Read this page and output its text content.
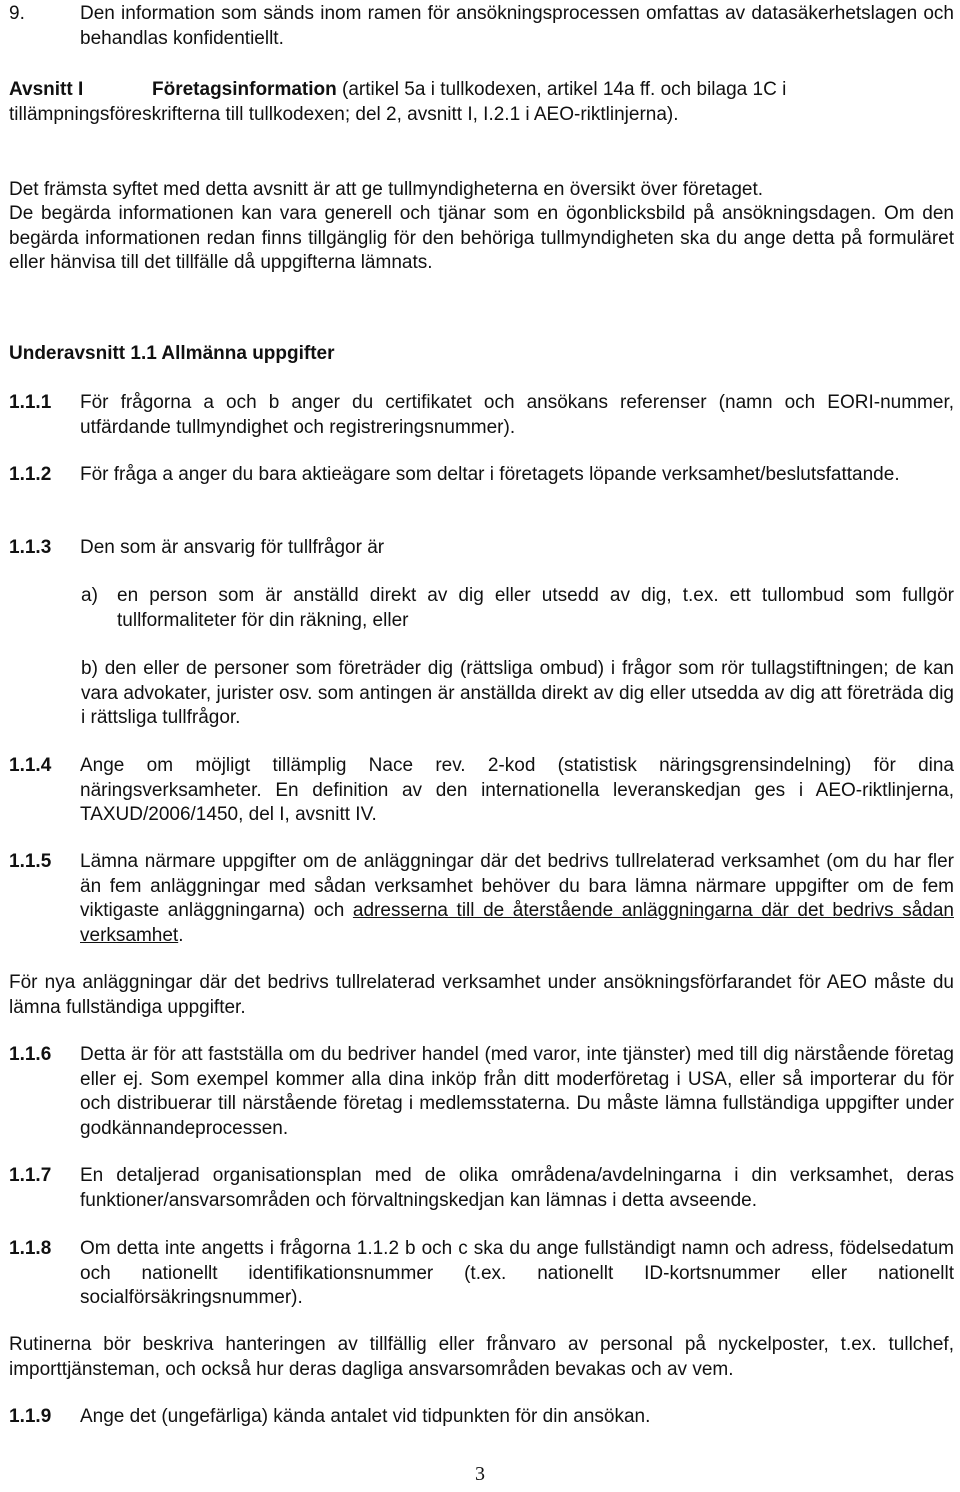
9.	Den information som sänds inom ramen för ansökningsprocessen omfattas av datasäkerhetslagen och behandlas konfidentiellt.
Avsnitt I	Företagsinformation (artikel 5a i tullkodexen, artikel 14a ff. och bilaga 1C i tillämpningsföreskrifterna till tullkodexen; del 2, avsnitt I, I.2.1 i AEO-riktlinjerna).
Det främsta syftet med detta avsnitt är att ge tullmyndigheterna en översikt över företaget.
De begärda informationen kan vara generell och tjänar som en ögonblicksbild på ansökningsdagen. Om den begärda informationen redan finns tillgänglig för den behöriga tullmyndigheten ska du ange detta på formuläret eller hänvisa till det tillfälle då uppgifterna lämnats.
Underavsnitt 1.1 Allmänna uppgifter
1.1.1 För frågorna a och b anger du certifikatet och ansökans referenser (namn och EORI-nummer, utfärdande tullmyndighet och registreringsnummer).
1.1.2 För fråga a anger du bara aktieägare som deltar i företagets löpande verksamhet/beslutsfattande.
1.1.3 Den som är ansvarig för tullfrågor är
a) en person som är anställd direkt av dig eller utsedd av dig, t.ex. ett tullombud som fullgör tullformaliteter för din räkning, eller
b) den eller de personer som företräder dig (rättsliga ombud) i frågor som rör tullagstiftningen; de kan vara advokater, jurister osv. som antingen är anställda direkt av dig eller utsedda av dig att företräda dig i rättsliga tullfrågor.
1.1.4 Ange om möjligt tillämplig Nace rev. 2-kod (statistisk näringsgrensindelning) för dina näringsverksamheter. En definition av den internationella leveranskedjan ges i AEO-riktlinjerna, TAXUD/2006/1450, del I, avsnitt IV.
1.1.5 Lämna närmare uppgifter om de anläggningar där det bedrivs tullrelaterad verksamhet (om du har fler än fem anläggningar med sådan verksamhet behöver du bara lämna närmare uppgifter om de fem viktigaste anläggningarna) och adresserna till de återstående anläggningarna där det bedrivs sådan verksamhet.
För nya anläggningar där det bedrivs tullrelaterad verksamhet under ansökningsförfarandet för AEO måste du lämna fullständiga uppgifter.
1.1.6 Detta är för att fastställa om du bedriver handel (med varor, inte tjänster) med till dig närstående företag eller ej. Som exempel kommer alla dina inköp från ditt moderföretag i USA, eller så importerar du för och distribuerar till närstående företag i medlemsstaterna. Du måste lämna fullständiga uppgifter under godkännandeprocessen.
1.1.7 En detaljerad organisationsplan med de olika områdena/avdelningarna i din verksamhet, deras funktioner/ansvarsområden och förvaltningskedjan kan lämnas i detta avseende.
1.1.8 Om detta inte angetts i frågorna 1.1.2 b och c ska du ange fullständigt namn och adress, födelsedatum och nationellt identifikationsnummer (t.ex. nationellt ID-kortsnummer eller nationellt socialförsäkringsnummer).
Rutinerna bör beskriva hanteringen av tillfällig eller frånvaro av personal på nyckelposter, t.ex. tullchef, importtjänsteman, och också hur deras dagliga ansvarsområden bevakas och av vem.
1.1.9 Ange det (ungefärliga) kända antalet vid tidpunkten för din ansökan.
3
